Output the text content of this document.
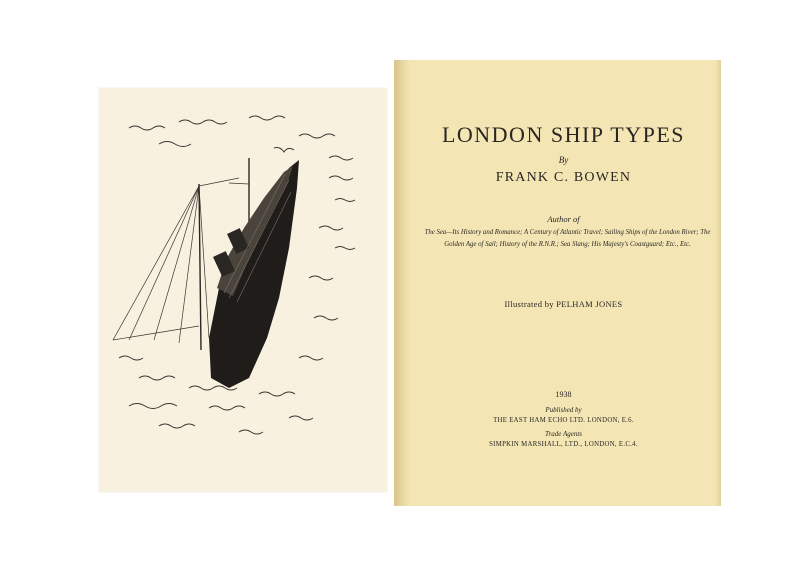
LONDON SHIP TYPES
By
FRANK C. BOWEN
Author of
The Sea—Its History and Romance; A Century of Atlantic Travel; Sailing Ships of the London River; The Golden Age of Sail; History of the R.N.R.; Sea Slang; His Majesty's Coastguard; Etc., Etc.
Illustrated by PELHAM JONES
1938
Published by
THE EAST HAM ECHO LTD. LONDON, E.6.
Trade Agents
SIMPKIN MARSHALL, LTD., LONDON, E.C.4.
